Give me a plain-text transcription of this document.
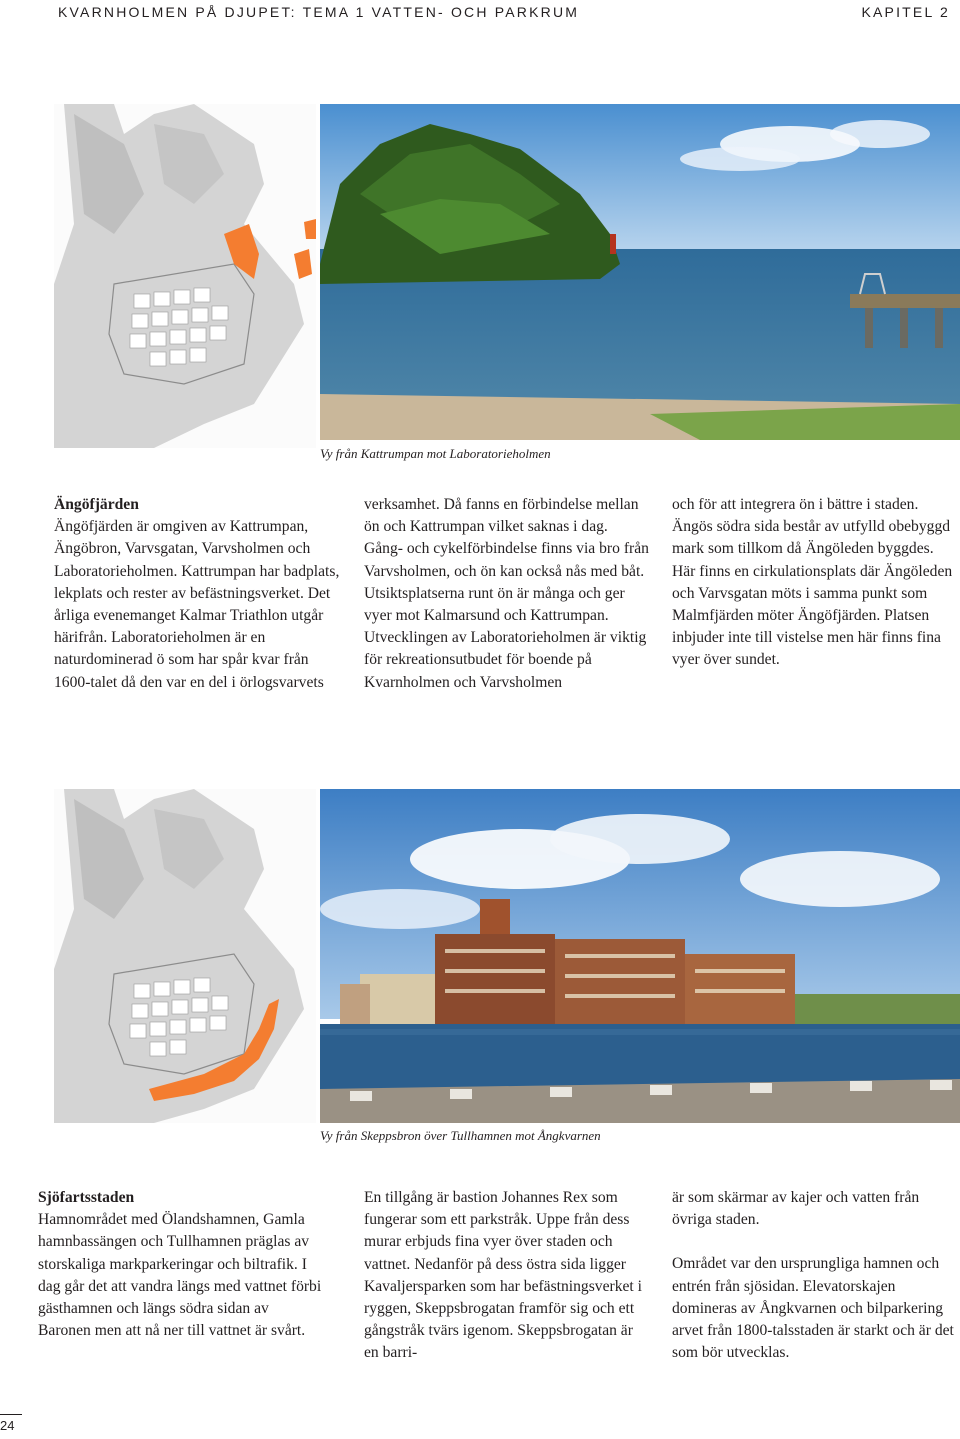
KVARNHOLMEN PÅ DJUPET: TEMA 1 VATTEN- OCH PARKRUM	KAPITEL 2
Vy från Kattrumpan mot Laboratorieholmen

Ängöfjärden

Ängöfjärden är omgiven av Kattrumpan, Ängöbron, Varvsgatan, Varvsholmen och Laboratorieholmen. Kattrumpan har badplats, lekplats och rester av befästningsverket. Det årliga evenemanget Kalmar Triathlon utgår härifrån. Laboratorieholmen är en naturdominerad ö som har spår kvar från 1600-talet då den var en del i örlogsvarvets

verksamhet. Då fanns en förbindelse mellan ön och Kattrumpan vilket saknas i dag. Gång- och cykelförbindelse finns via bro från Varvsholmen, och ön kan också nås med båt. Utsiktsplatserna runt ön är många och ger vyer mot Kalmarsund och Kattrumpan. Utvecklingen av Laboratorieholmen är viktig för rekreationsutbudet för boende på Kvarnholmen och Varvsholmen

och för att integrera ön i bättre i staden. Ängös södra sida består av utfylld obebyggd mark som tillkom då Ängöleden byggdes. Här finns en cirkulationsplats där Ängöleden och Varvsgatan möts i samma punkt som Malmfjärden möter Ängöfjärden. Platsen inbjuder inte till vistelse men här finns fina vyer över sundet.

Vy från Skeppsbron över Tullhamnen mot Ångkvarnen

Sjöfartsstaden

Hamnområdet med Ölandshamnen, Gamla hamnbassängen och Tullhamnen präglas av storskaliga markparkeringar och biltrafik. I dag går det att vandra längs med vattnet förbi gästhamnen och längs södra sidan av Baronen men att nå ner till vattnet är svårt.

En tillgång är bastion Johannes Rex som fungerar som ett parkstråk. Uppe från dess murar erbjuds fina vyer över staden och vattnet. Nedanför på dess östra sida ligger Kavaljersparken som har befästningsverket i ryggen, Skeppsbrogatan framför sig och ett gångstråk tvärs igenom. Skeppsbrogatan är en barri-

är som skärmar av kajer och vatten från övriga staden.

Området var den ursprungliga hamnen och entrén från sjösidan. Elevatorskajen domineras av Ångkvarnen och bilparkering arvet från 1800-talsstaden är starkt och är det som bör utvecklas.

24
